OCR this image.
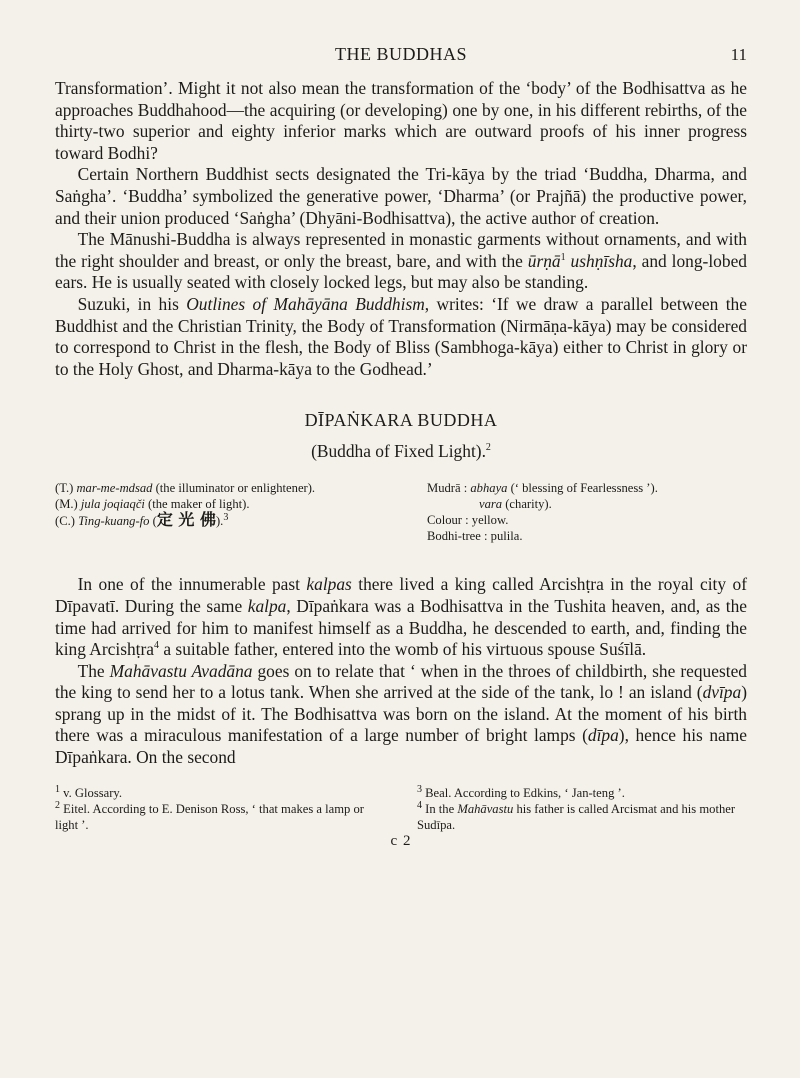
THE BUDDHAS	11

Transformation’. Might it not also mean the transformation of the ‘body’ of the Bodhisattva as he approaches Buddhahood—the acquiring (or developing) one by one, in his different rebirths, of the thirty-two superior and eighty inferior marks which are outward proofs of his inner progress toward Bodhi?

Certain Northern Buddhist sects designated the Tri-kāya by the triad ‘Buddha, Dharma, and Saṅgha’. ‘Buddha’ symbolized the generative power, ‘Dharma’ (or Prajñā) the productive power, and their union produced ‘Saṅgha’ (Dhyāni-Bodhisattva), the active author of creation.

The Mānushi-Buddha is always represented in monastic garments without ornaments, and with the right shoulder and breast, or only the breast, bare, and with the ūrṇā$^1$ ushṇīsha, and long-lobed ears. He is usually seated with closely locked legs, but may also be standing.

Suzuki, in his Outlines of Mahāyāna Buddhism, writes: ‘If we draw a parallel between the Buddhist and the Christian Trinity, the Body of Transformation (Nirmāṇa-kāya) may be considered to correspond to Christ in the flesh, the Body of Bliss (Sambhoga-kāya) either to Christ in glory or to the Holy Ghost, and Dharma-kāya to the Godhead.’

DĪPAṄKARA BUDDHA
(Buddha of Fixed Light).$^2$
(T.) mar-me-mdsad (the illuminator or enlightener).
(M.) jula joqiaqči (the maker of light).
(C.) Ting-kuang-fo (定 光 佛).$^3$
Mudrā : abhaya (‘ blessing of Fearlessness ’).
vara (charity).
Colour : yellow.
Bodhi-tree : pulila.

In one of the innumerable past kalpas there lived a king called Arcishṭra in the royal city of Dīpavatī. During the same kalpa, Dīpaṅkara was a Bodhisattva in the Tushita heaven, and, as the time had arrived for him to manifest himself as a Buddha, he descended to earth, and, finding the king Arcishṭra$^4$ a suitable father, entered into the womb of his virtuous spouse Suśīlā.

The Mahāvastu Avadāna goes on to relate that ‘ when in the throes of childbirth, she requested the king to send her to a lotus tank. When she arrived at the side of the tank, lo ! an island (dvīpa) sprang up in the midst of it. The Bodhisattva was born on the island. At the moment of his birth there was a miraculous manifestation of a large number of bright lamps (dīpa), hence his name Dīpaṅkara. On the second

$^1$ v. Glossary.
$^2$ Eitel. According to E. Denison Ross, ‘ that makes a lamp or light ’.
$^3$ Beal. According to Edkins, ‘ Jan-teng ’.
$^4$ In the Mahāvastu his father is called Arcismat and his mother Sudīpa.
c 2
